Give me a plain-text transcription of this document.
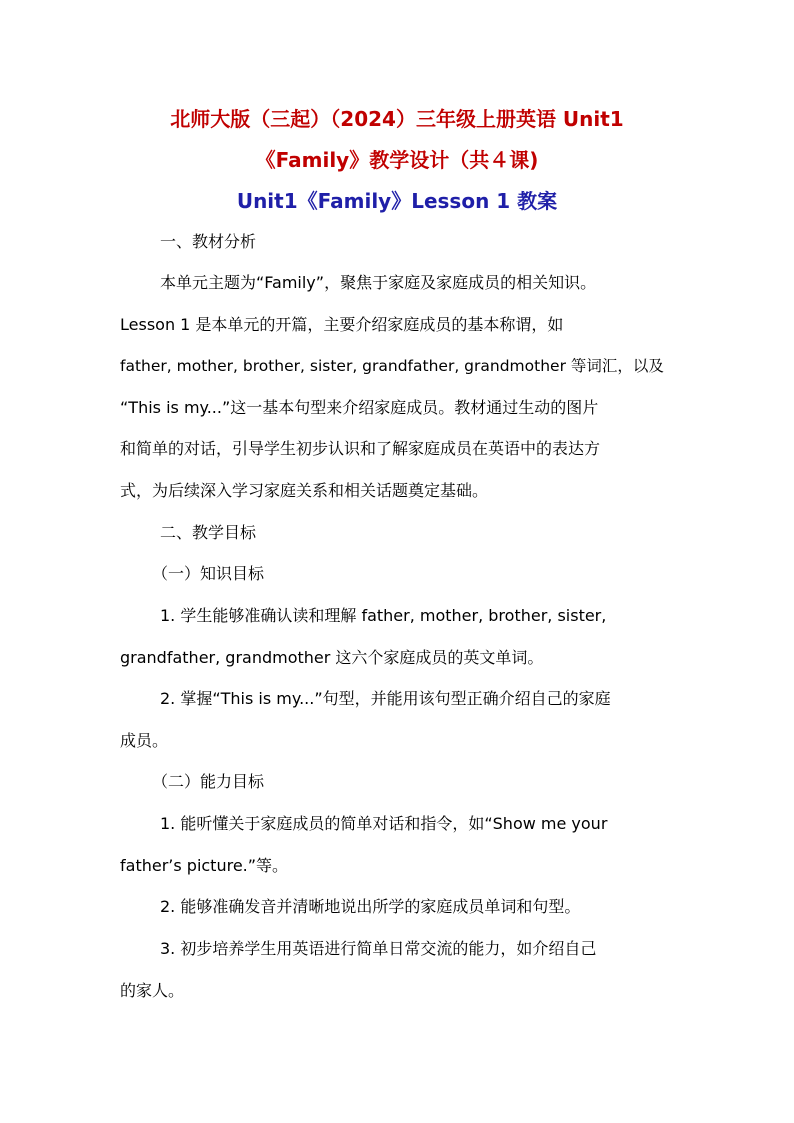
北师大版（三起）（2024）三年级上册英语 Unit1
《Family》教学设计（共４课)
Unit1《Family》Lesson 1 教案
一、教材分析
本单元主题为“Family”，聚焦于家庭及家庭成员的相关知识。
Lesson 1 是本单元的开篇，主要介绍家庭成员的基本称谓，如
father, mother, brother, sister, grandfather, grandmother 等词汇，以及
“This is my...”这一基本句型来介绍家庭成员。教材通过生动的图片
和简单的对话，引导学生初步认识和了解家庭成员在英语中的表达方
式，为后续深入学习家庭关系和相关话题奠定基础。
二、教学目标
（一）知识目标
1. 学生能够准确认读和理解 father, mother, brother, sister,
grandfather, grandmother 这六个家庭成员的英文单词。
2. 掌握“This is my...”句型，并能用该句型正确介绍自己的家庭
成员。
（二）能力目标
1. 能听懂关于家庭成员的简单对话和指令，如“Show me your
father’s picture.”等。
2. 能够准确发音并清晰地说出所学的家庭成员单词和句型。
3. 初步培养学生用英语进行简单日常交流的能力，如介绍自己
的家人。
